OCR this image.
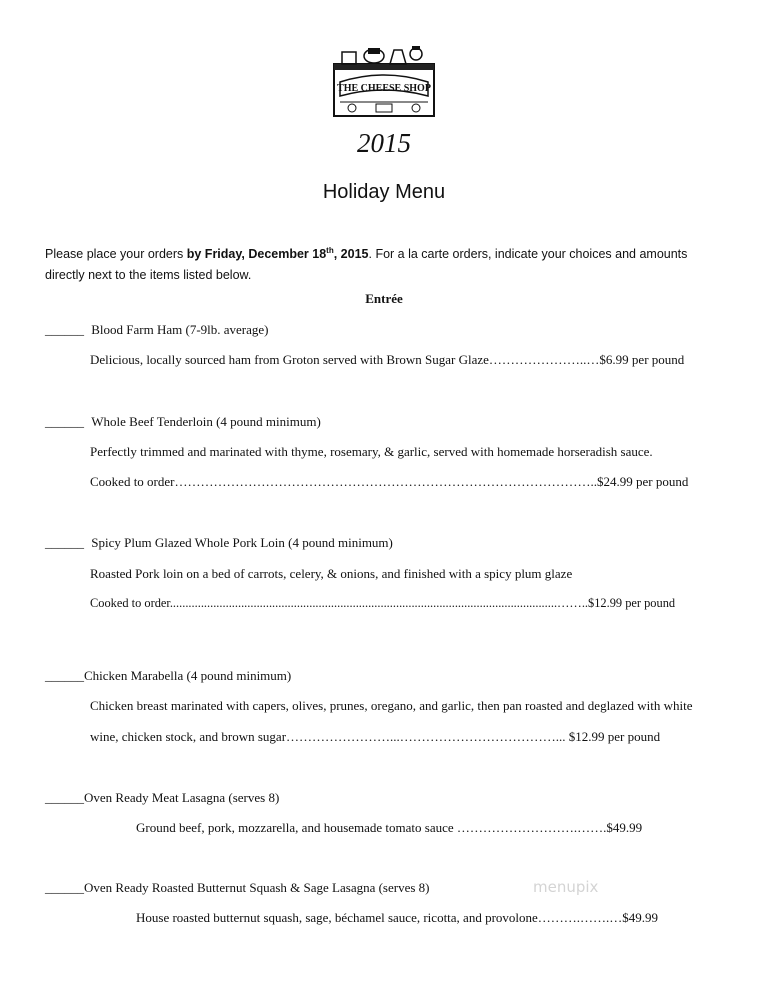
THE CHEESE SHOP
2015
Holiday Menu
Please place your orders by Friday, December 18th, 2015. For a la carte orders, indicate your choices and amounts
directly next to the items listed below.
Entrée
______ Blood Farm Ham (7-9lb. average)
Delicious, locally sourced ham from Groton served with Brown Sugar Glaze…………………..…$6.99 per pound
______ Whole Beef Tenderloin (4 pound minimum)
Perfectly trimmed and marinated with thyme, rosemary, & garlic, served with homemade horseradish sauce.
Cooked to order……………………………………………………………………………………..$24.99 per pound
______ Spicy Plum Glazed Whole Pork Loin (4 pound minimum)
Roasted Pork loin on a bed of carrots, celery, & onions, and finished with a spicy plum glaze
Cooked to order.............................................................................................................................……..$12.99 per pound
______Chicken Marabella (4 pound minimum)
Chicken breast marinated with capers, olives, prunes, oregano, and garlic, then pan roasted and deglazed with white
wine, chicken stock, and brown sugar……………………...………………………………... $12.99 per pound
______Oven Ready Meat Lasagna (serves 8)
Ground beef, pork, mozzarella, and housemade tomato sauce ……………………….…….$49.99
______Oven Ready Roasted Butternut Squash & Sage Lasagna (serves 8)
House roasted butternut squash, sage, béchamel sauce, ricotta, and provolone……….…….…$49.99
menupix
